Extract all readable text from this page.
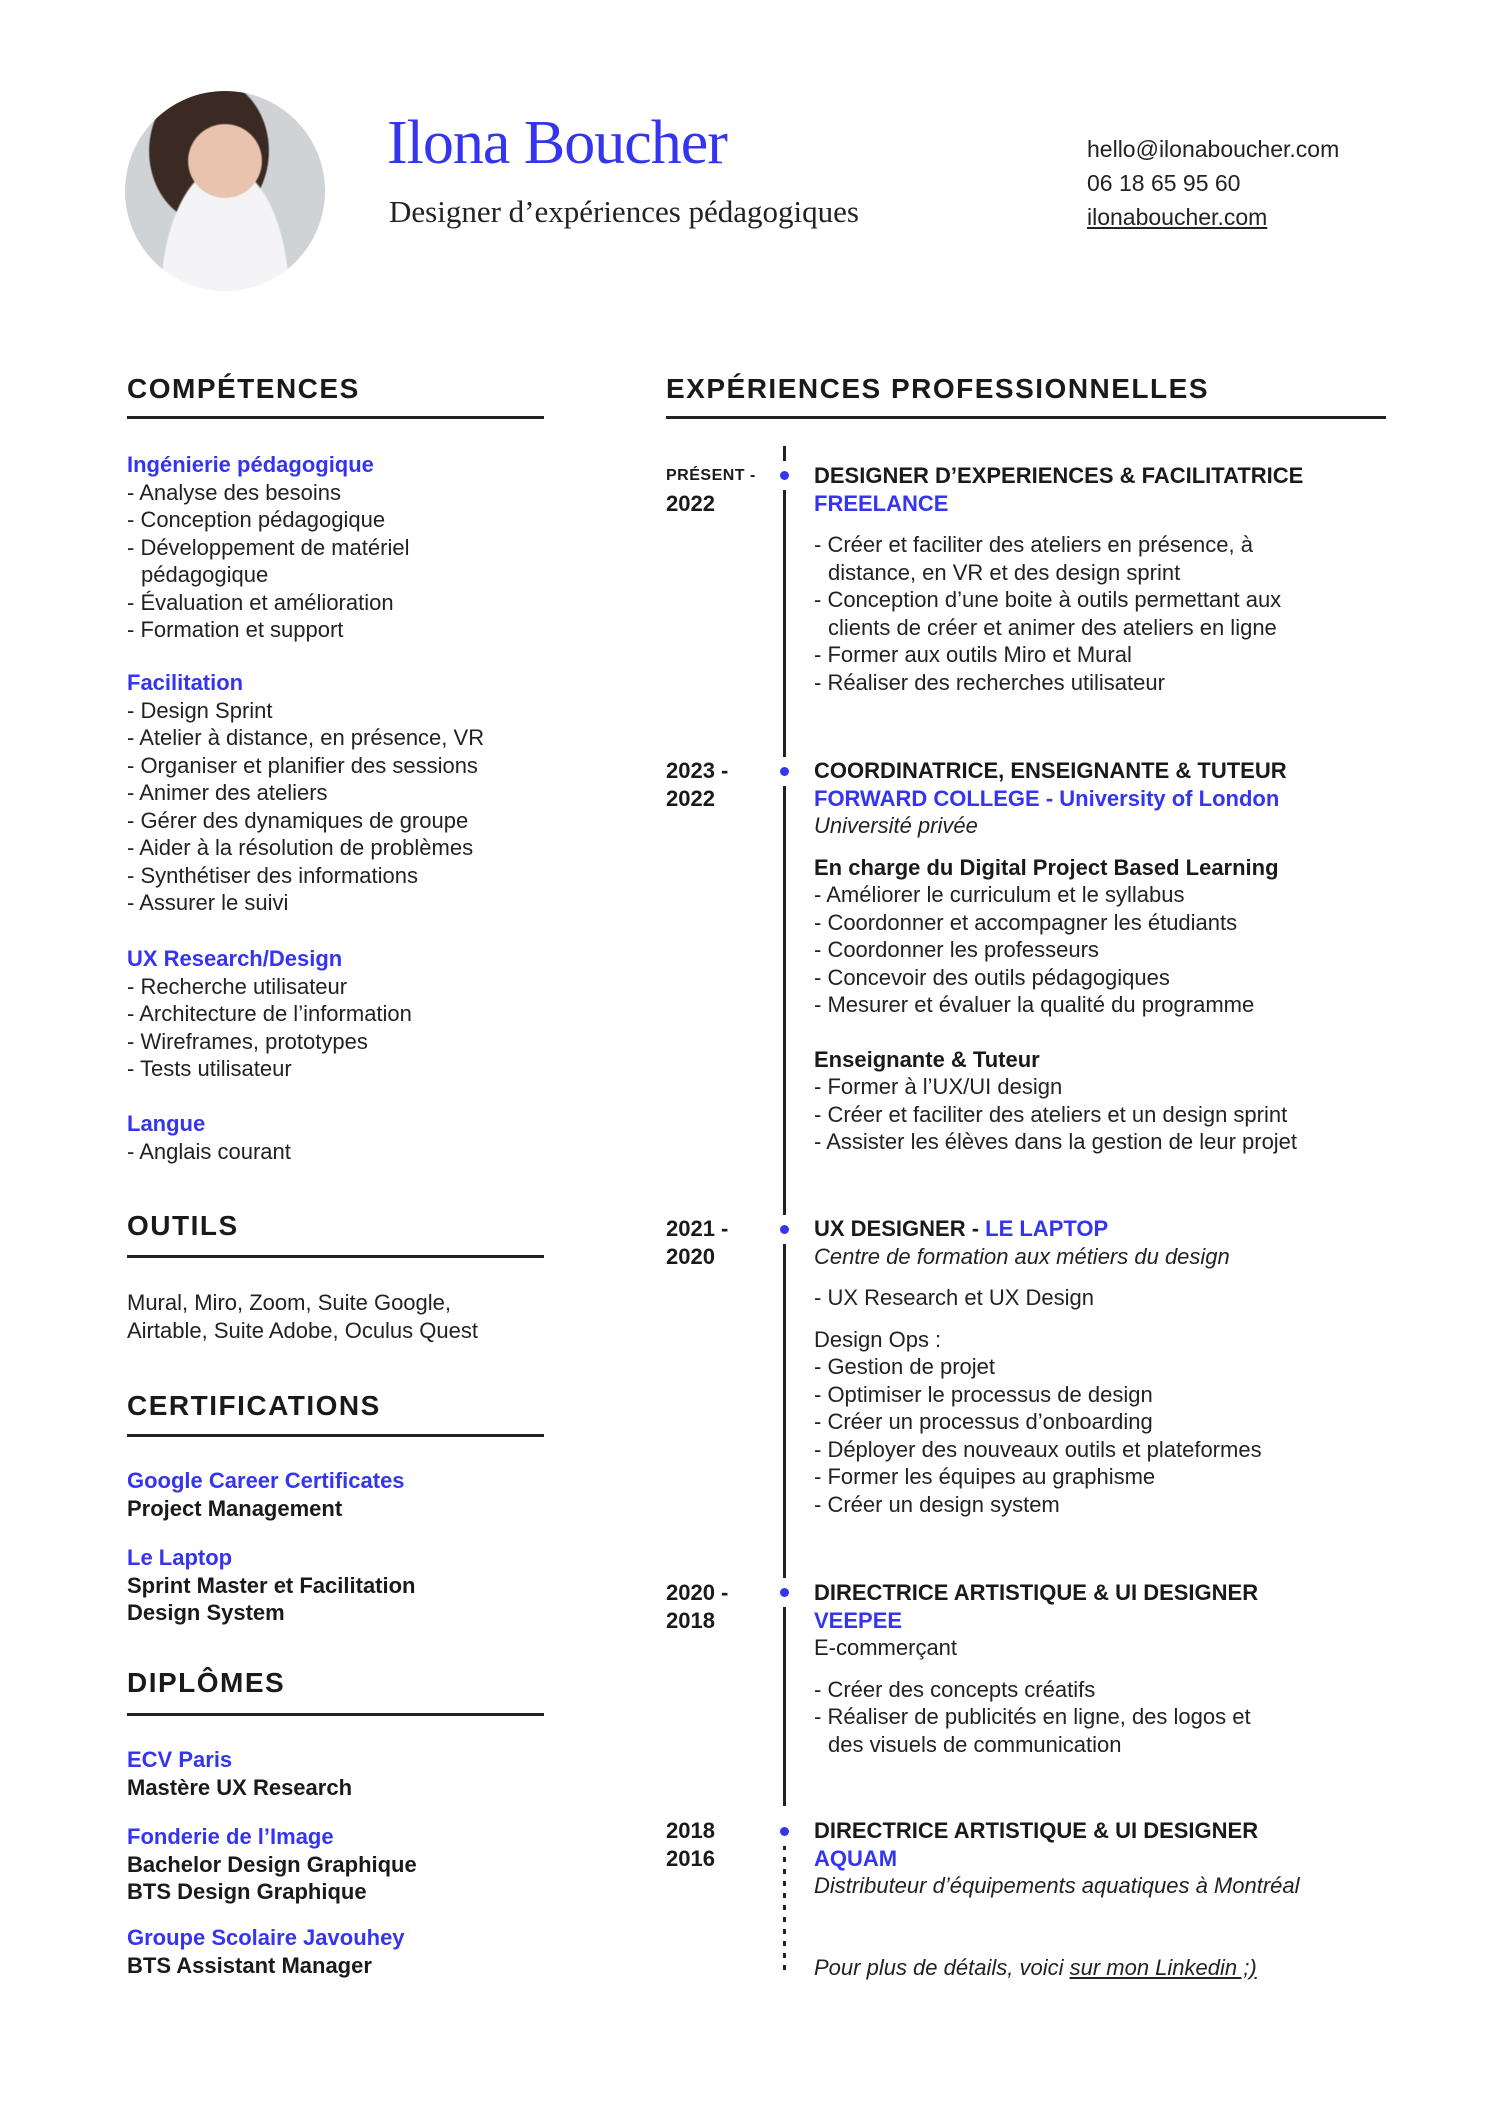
Ilona Boucher
Designer d’expériences pédagogiques
hello@ilonaboucher.com
06 18 65 95 60
ilonaboucher.com
COMPÉTENCES
OUTILS
CERTIFICATIONS
DIPLÔMES
Ingénierie pédagogique
- Analyse des besoins
- Conception pédagogique
- Développement de matériel
pédagogique
- Évaluation et amélioration
- Formation et support
Facilitation
- Design Sprint
- Atelier à distance, en présence, VR
- Organiser et planifier des sessions
- Animer des ateliers
- Gérer des dynamiques de groupe
- Aider à la résolution de problèmes
- Synthétiser des informations
- Assurer le suivi
UX Research/Design
- Recherche utilisateur
- Architecture de l’information
- Wireframes, prototypes
- Tests utilisateur
Langue
- Anglais courant
Mural, Miro, Zoom, Suite Google,
Airtable, Suite Adobe, Oculus Quest
Google Career Certificates
Project Management
Le Laptop
Sprint Master et Facilitation
Design System
ECV Paris
Mastère UX Research
Fonderie de l’Image
Bachelor Design Graphique
BTS Design Graphique
Groupe Scolaire Javouhey
BTS Assistant Manager
EXPÉRIENCES PROFESSIONNELLES
PRÉSENT -
2022
DESIGNER D’EXPERIENCES & FACILITATRICE
FREELANCE
- Créer et faciliter des ateliers en présence, à
distance, en VR et des design sprint
- Conception d’une boite à outils permettant aux
clients de créer et animer des ateliers en ligne
- Former aux outils Miro et Mural
- Réaliser des recherches utilisateur
2023 -
2022
COORDINATRICE, ENSEIGNANTE & TUTEUR
FORWARD COLLEGE - University of London
Université privée
En charge du Digital Project Based Learning
- Améliorer le curriculum et le syllabus
- Coordonner et accompagner les étudiants
- Coordonner les professeurs
- Concevoir des outils pédagogiques
- Mesurer et évaluer la qualité du programme
Enseignante & Tuteur
- Former à l’UX/UI design
- Créer et faciliter des ateliers et un design sprint
- Assister les élèves dans la gestion de leur projet
2021 -
2020
UX DESIGNER - LE LAPTOP
Centre de formation aux métiers du design
- UX Research et UX Design
Design Ops :
- Gestion de projet
- Optimiser le processus de design
- Créer un processus d’onboarding
- Déployer des nouveaux outils et plateformes
- Former les équipes au graphisme
- Créer un design system
2020 -
2018
DIRECTRICE ARTISTIQUE & UI DESIGNER
VEEPEE
E-commerçant
- Créer des concepts créatifs
- Réaliser de publicités en ligne, des logos et
des visuels de communication
2018
2016
DIRECTRICE ARTISTIQUE & UI DESIGNER
AQUAM
Distributeur d’équipements aquatiques à Montréal
Pour plus de détails, voici sur mon Linkedin ;)
